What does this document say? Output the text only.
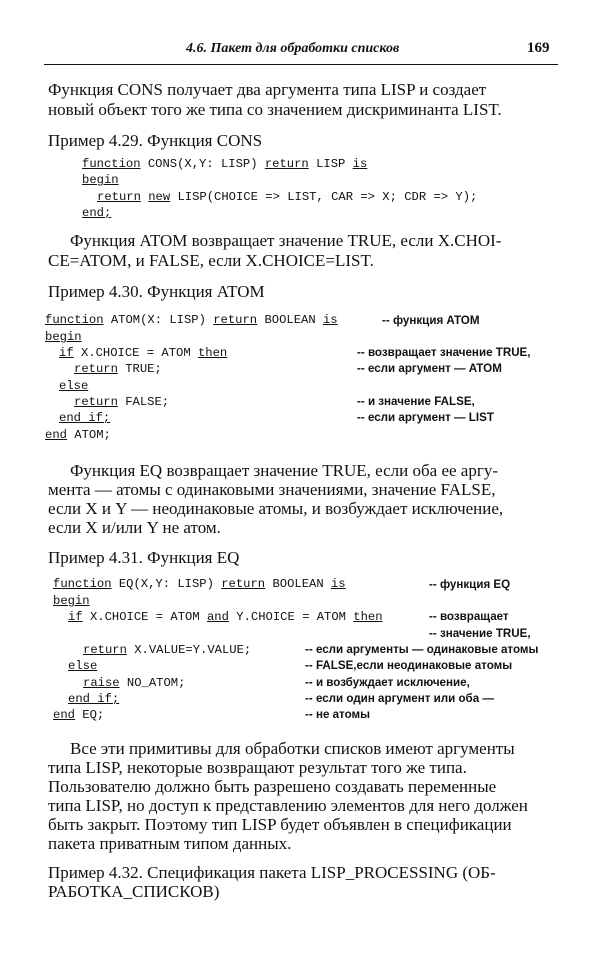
4.6. Пакет для обработки списков	169
Функция CONS получает два аргумента типа LISP и создает
новый объект того же типа со значением дискриминанта LIST.
Пример 4.29. Функция CONS
function CONS(X,Y: LISP) return LISP is
begin
return new LISP(CHOICE => LIST, CAR => X; CDR => Y);
end;
Функция ATOM возвращает значение TRUE, если X.CHOI-
CE=ATOM, и FALSE, если X.CHOICE=LIST.
Пример 4.30. Функция ATOM
function ATOM(X: LISP) return BOOLEAN is
begin
if X.CHOICE = ATOM then
return TRUE;
else
return FALSE;
end if;
end ATOM;
-- функция ATOM
-- возвращает значение TRUE,
-- если аргумент — ATOM
-- и значение FALSE,
-- если аргумент — LIST
Функция EQ возвращает значение TRUE, если оба ее аргу-
мента — атомы с одинаковыми значениями, значение FALSE,
если X и Y — неодинаковые атомы, и возбуждает исключение,
если X и/или Y не атом.
Пример 4.31. Функция EQ
function EQ(X,Y: LISP) return BOOLEAN is
begin
if X.CHOICE = ATOM and Y.CHOICE = ATOM then
return X.VALUE=Y.VALUE;
else
raise NO_ATOM;
end if;
end EQ;
-- функция EQ
-- возвращает
-- значение TRUE,
-- если аргументы — одинаковые атомы
-- FALSE,если неодинаковые атомы
-- и возбуждает исключение,
-- если один аргумент или оба —
-- не атомы
Все эти примитивы для обработки списков имеют аргументы
типа LISP, некоторые возвращают результат того же типа.
Пользователю должно быть разрешено создавать переменные
типа LISP, но доступ к представлению элементов для него должен
быть закрыт. Поэтому тип LISP будет объявлен в спецификации
пакета приватным типом данных.
Пример 4.32. Спецификация пакета LISP_PROCESSING (ОБ-
РАБОТКА_СПИСКОВ)
